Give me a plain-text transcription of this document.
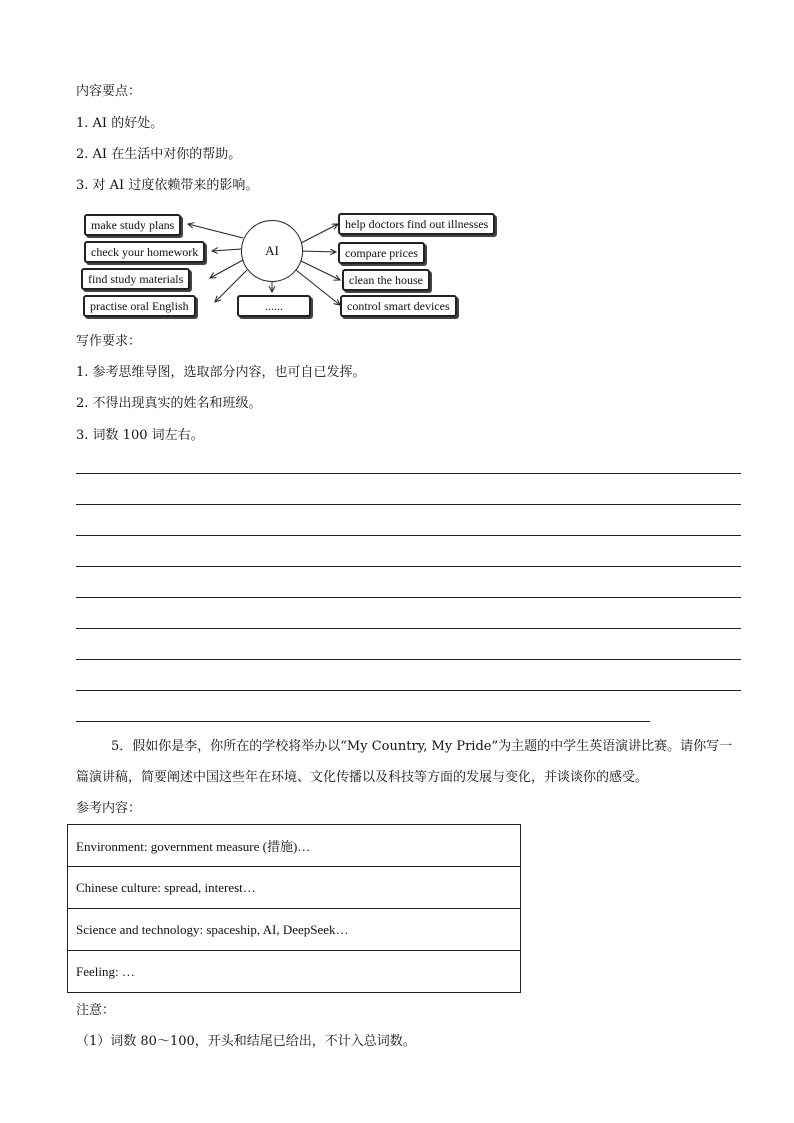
内容要点：
1. AI 的好处。
2. AI 在生活中对你的帮助。
3. 对 AI 过度依赖带来的影响。
make study plans
check your homework
find study materials
practise oral English
AI
......
help doctors find out illnesses
compare prices
clean the house
control smart devices
写作要求：
1. 参考思维导图，选取部分内容，也可自已发挥。
2. 不得出现真实的姓名和班级。
3. 词数 100 词左右。
5．假如你是李，你所在的学校将举办以“My Country, My Pride”为主题的中学生英语演讲比赛。请你写一
篇演讲稿，简要阐述中国这些年在环境、文化传播以及科技等方面的发展与变化，并谈谈你的感受。
参考内容：
Environment: government measure (措施)…
Chinese culture: spread, interest…
Science and technology: spaceship, AI, DeepSeek…
Feeling: …
注意：
（1）词数 80～100，开头和结尾已给出，不计入总词数。
